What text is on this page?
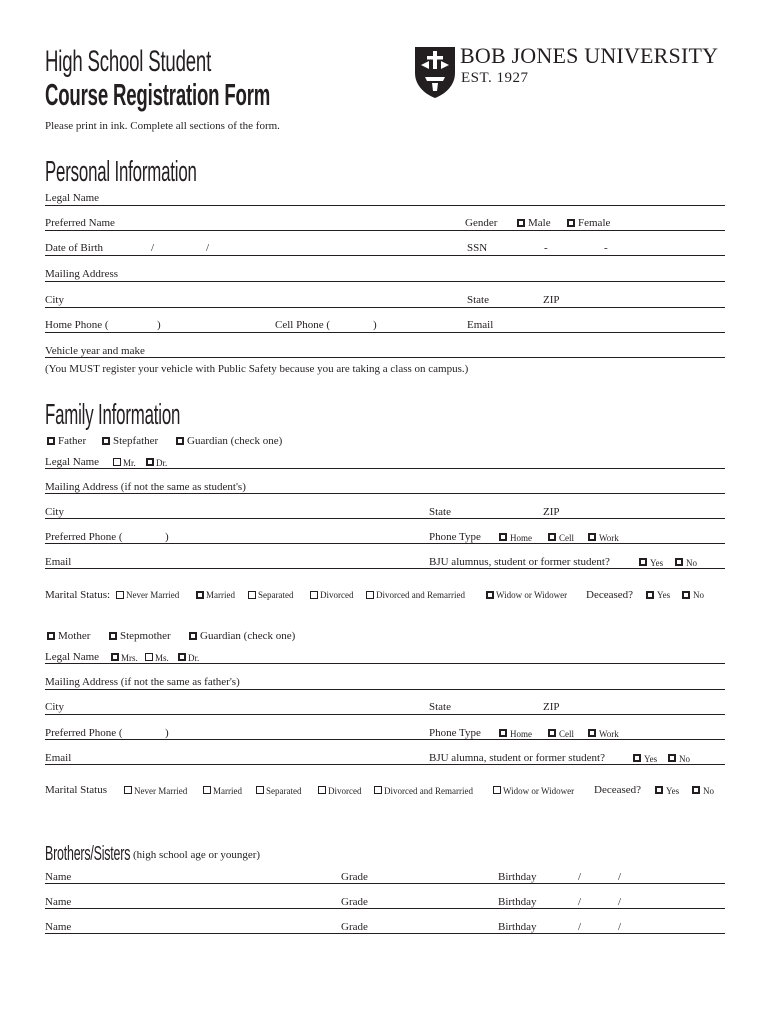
High School Student
Course Registration Form
Please print in ink. Complete all sections of the form.
BOB JONES UNIVERSITY
EST. 1927
Personal Information
Legal Name
Preferred Name	Gender	Male Female
Date of Birth	/	/	SSN	-	-
Mailing Address
City	State	ZIP
Home Phone (	)	Cell Phone (	)	Email
Vehicle year and make
(You MUST register your vehicle with Public Safety because you are taking a class on campus.)
Family Information
Father Stepfather	Guardian (check one)
Legal Name	Mr. Dr.
Mailing Address (if not the same as student's)
City	State	ZIP
Preferred Phone (	)	Phone Type	Home	Cell	Work
Email	BJU alumnus, student or former student?	Yes	No
Marital Status: Never Married	Married	Separated	Divorced	Divorced and Remarried	Widow or Widower Deceased?	Yes	No
Mother	Stepmother	Guardian (check one)
Legal Name Mrs. Ms. Dr.
Mailing Address (if not the same as father's)
City	State	ZIP
Preferred Phone (	)	Phone Type	Home	Cell	Work
Email	BJU alumna, student or former student?	Yes No
Marital Status	Never Married	Married	Separated	Divorced	Divorced and Remarried	Widow or Widower Deceased?	Yes	No
Brothers/Sisters (high school age or younger)
Name	Grade	Birthday	/	/
Name	Grade	Birthday	/	/
Name	Grade	Birthday	/	/
